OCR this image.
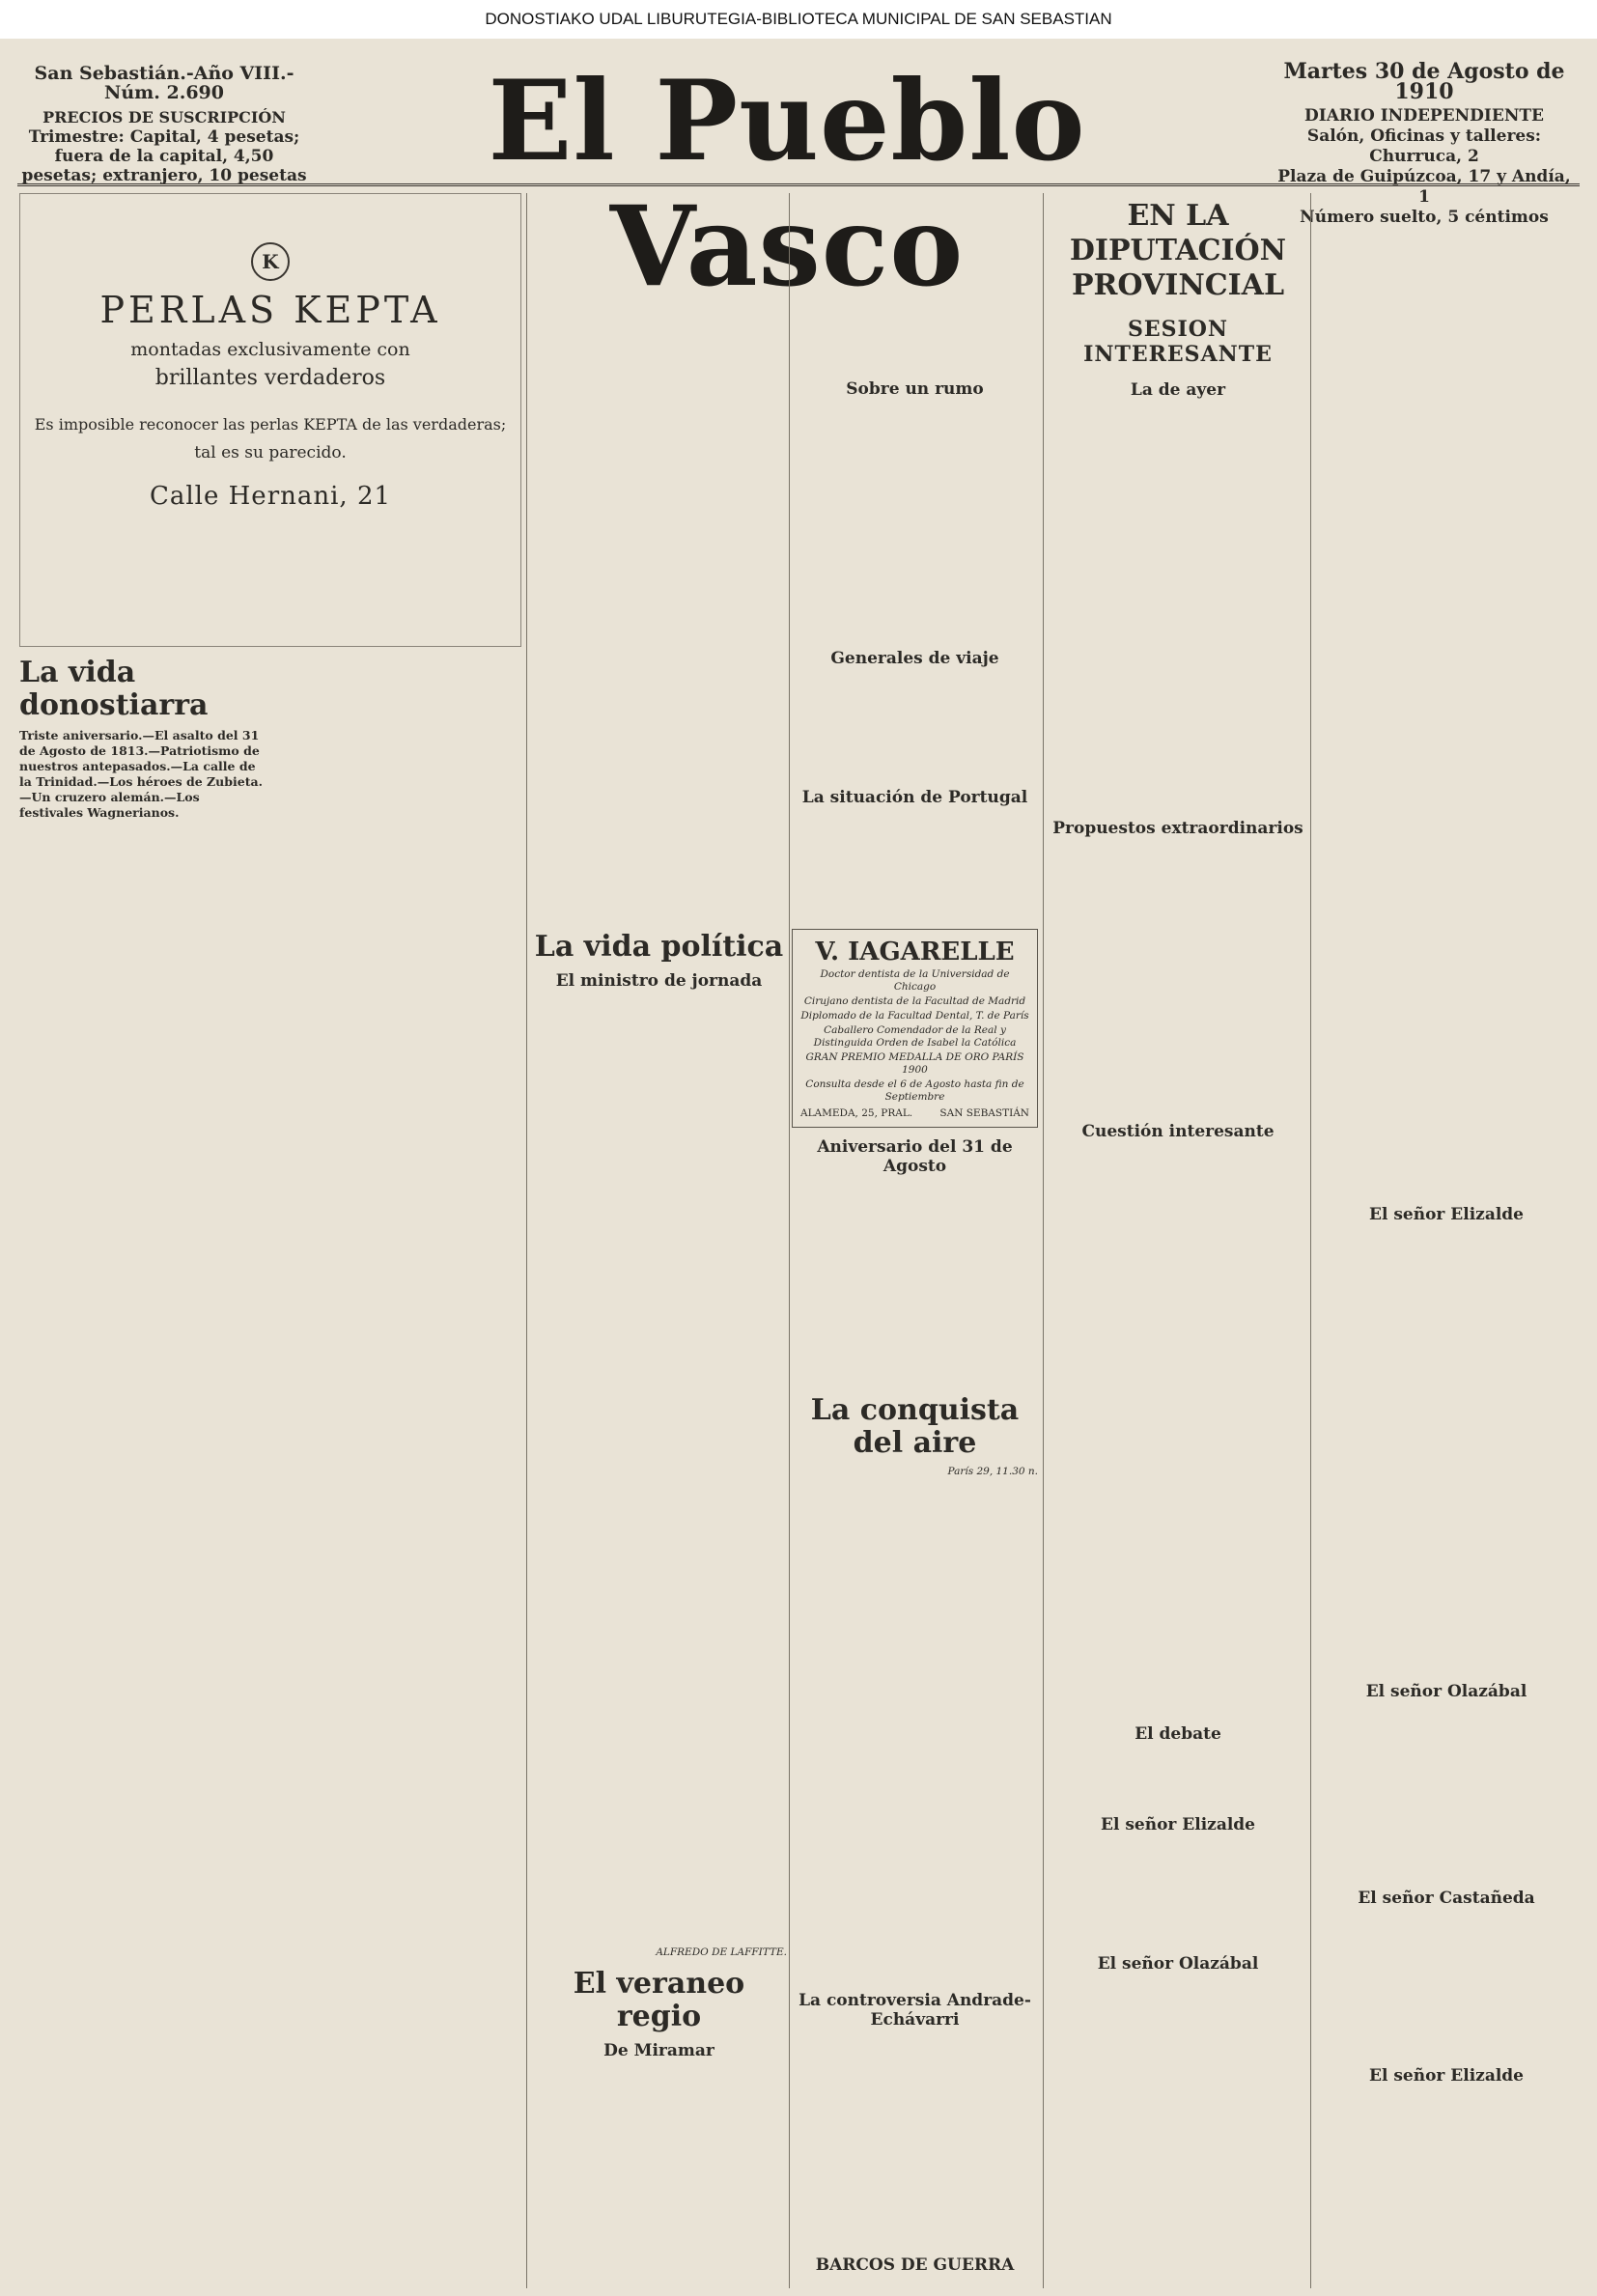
DONOSTIAKO UDAL LIBURUTEGIA-BIBLIOTECA MUNICIPAL DE SAN SEBASTIAN
San Sebastián.-Año VIII.-Núm. 2.690
PRECIOS DE SUSCRIPCIÓN
Trimestre: Capital, 4 pesetas; fuera de la capital, 4,50 pesetas; extranjero, 10 pesetas	El Pueblo Vasco
Martes 30 de Agosto de 1910
DIARIO INDEPENDIENTE
Salón, Oficinas y talleres: Churruca, 2
Plaza de Guipúzcoa, 17 y Andía, 1
Número suelto, 5 céntimos
K

PERLAS KEPTA

montadas exclusivamente con

brillantes verdaderos

Es imposible reconocer las perlas KEPTA de las verdaderas;

tal es su parecido.

Calle Hernani, 21

La vida donostiarra

Triste aniversario.—El asalto del 31 de Agosto de 1813.—Patriotismo de nuestros antepasados.—La calle de la Trinidad.—Los héroes de Zubieta.—Un cruzero alemán.—Los festivales Wagnerianos.

La vida política
El ministro de jornada
ALFREDO DE LAFFITTE.
El veraneo regio
De Miramar
Sobre un rumo
Generales de viaje
La situación de Portugal
V. IAGARELLE
Doctor dentista de la Universidad de Chicago
Cirujano dentista de la Facultad de Madrid
Diplomado de la Facultad Dental, T. de París
Caballero Comendador de la Real y Distinguida Orden de Isabel la Católica
GRAN PREMIO MEDALLA DE ORO PARÍS 1900
Consulta desde el 6 de Agosto hasta fin de Septiembre
ALAMEDA, 25, PRAL.	SAN SEBASTIÁN
Aniversario del 31 de Agosto
La conquista del aire
París 29, 11.30 n.
La controversia Andrade-Echávarri
BARCOS DE GUERRA
EN LA DIPUTACIÓN PROVINCIAL
SESION INTERESANTE
La de ayer
Propuestos extraordinarios
Cuestión interesante
El debate
El señor Elizalde
El señor Olazábal
El señor Elizalde
El señor Olazábal
El señor Castañeda
El señor Elizalde
